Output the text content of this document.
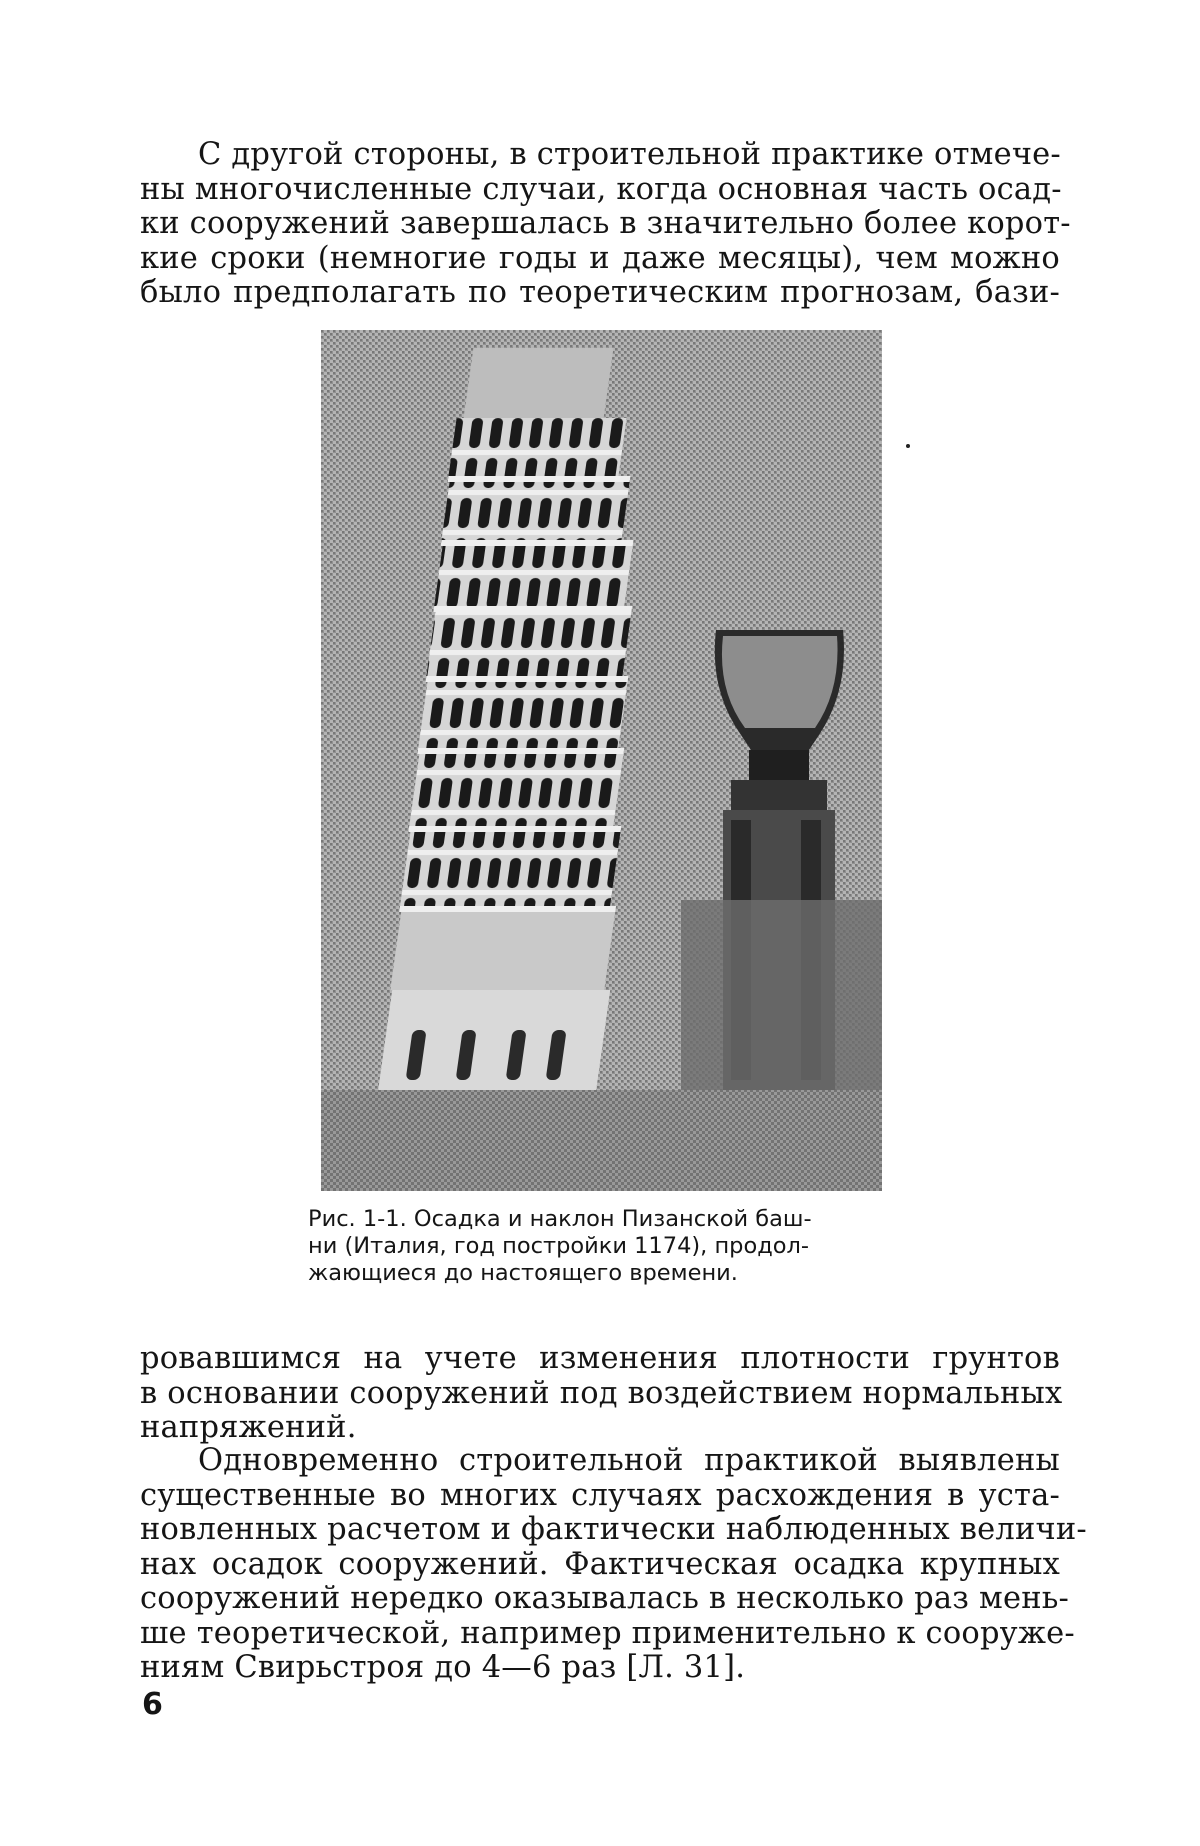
С другой стороны, в строительной практике отмече-
ны многочисленные случаи, когда основная часть осад-
ки сооружений завершалась в значительно более корот-
кие сроки (немногие годы и даже месяцы), чем можно
было предполагать по теоретическим прогнозам, бази-
Рис. 1-1. Осадка и наклон Пизанской баш-
ни (Италия, год постройки 1174), продол-
жающиеся до настоящего времени.
ровавшимся на учете изменения плотности грунтов
в основании сооружений под воздействием нормальных
напряжений.
Одновременно строительной практикой выявлены
существенные во многих случаях расхождения в уста-
новленных расчетом и фактически наблюденных величи-
нах осадок сооружений. Фактическая осадка крупных
сооружений нередко оказывалась в несколько раз мень-
ше теоретической, например применительно к сооруже-
ниям Свирьстроя до 4—6 раз [Л. 31].
6
